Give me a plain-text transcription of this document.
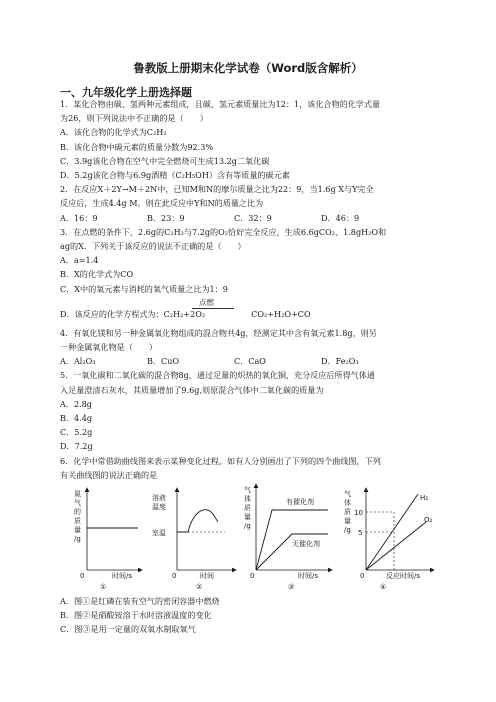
鲁教版上册期末化学试卷（Word版含解析）
一、九年级化学上册选择题
1．某化合物由碳、氢两种元素组成，且碳、氢元素质量比为12：1，该化合物的化学式量
为26，则下列说法中不正确的是（　　）
A．该化合物的化学式为C₂H₂
B．该化合物中碳元素的质量分数为92.3%
C．3.9g该化合物在空气中完全燃烧可生成13.2g二氧化碳
D．5.2g该化合物与6.9g酒精（C₂H₅OH）含有等质量的碳元素
2．在反应X＋2Y→M＋2N中，已知M和N的摩尔质量之比为22：9，当1.6g X与Y完全
反应后，生成4.4g M。则在此反应中Y和N的质量之比为
A．16：9	B．23：9	C．32：9	D．46：9
3．在点燃的条件下，2.6g的C₂H₂与7.2g的O₂恰好完全反应，生成6.6gCO₂、1.8gH₂O和
ag的X．下列关于该反应的说法不正确的是（　　）
A．a=1.4
B．X的化学式为CO
C．X中的氧元素与消耗的氧气质量之比为1：9
点燃
D．该反应的化学方程式为：C₂H₂+2O₂	CO₂+H₂O+CO
4．有氧化镁和另一种金属氧化物组成的混合物共4g，经测定其中含有氧元素1.8g，则另
一种金属氧化物是（　　）
A．Al₂O₃	B．CuO	C．CaO	D．Fe₂O₃
5．一氧化碳和二氧化碳的混合物8g，通过足量的炽热的氧化铜，充分反应后所得气体通
入足量澄清石灰水，其质量增加了9.6g,则原混合气体中二氧化碳的质量为
A．2.8g
B．4.4g
C．5.2g
D．7.2g
6．化学中常借助曲线图来表示某种变化过程，如有人分别画出了下列的四个曲线图，下列
有关曲线图的说法正确的是
氮
气
的
质
量
/g
0	时间/s
①
溶液
温度
室温
0	时间
②
气
体
质
量
/g
有催化剂
无催化剂
0	时间/s
③
气
体
质
量
/g
10
5
H₂
O₂
0	反应时间/s
④
A．图①是红磷在装有空气的密闭容器中燃烧
B．图②是硝酸铵溶于水时溶液温度的变化
C．图③是用一定量的双氧水制取氧气
